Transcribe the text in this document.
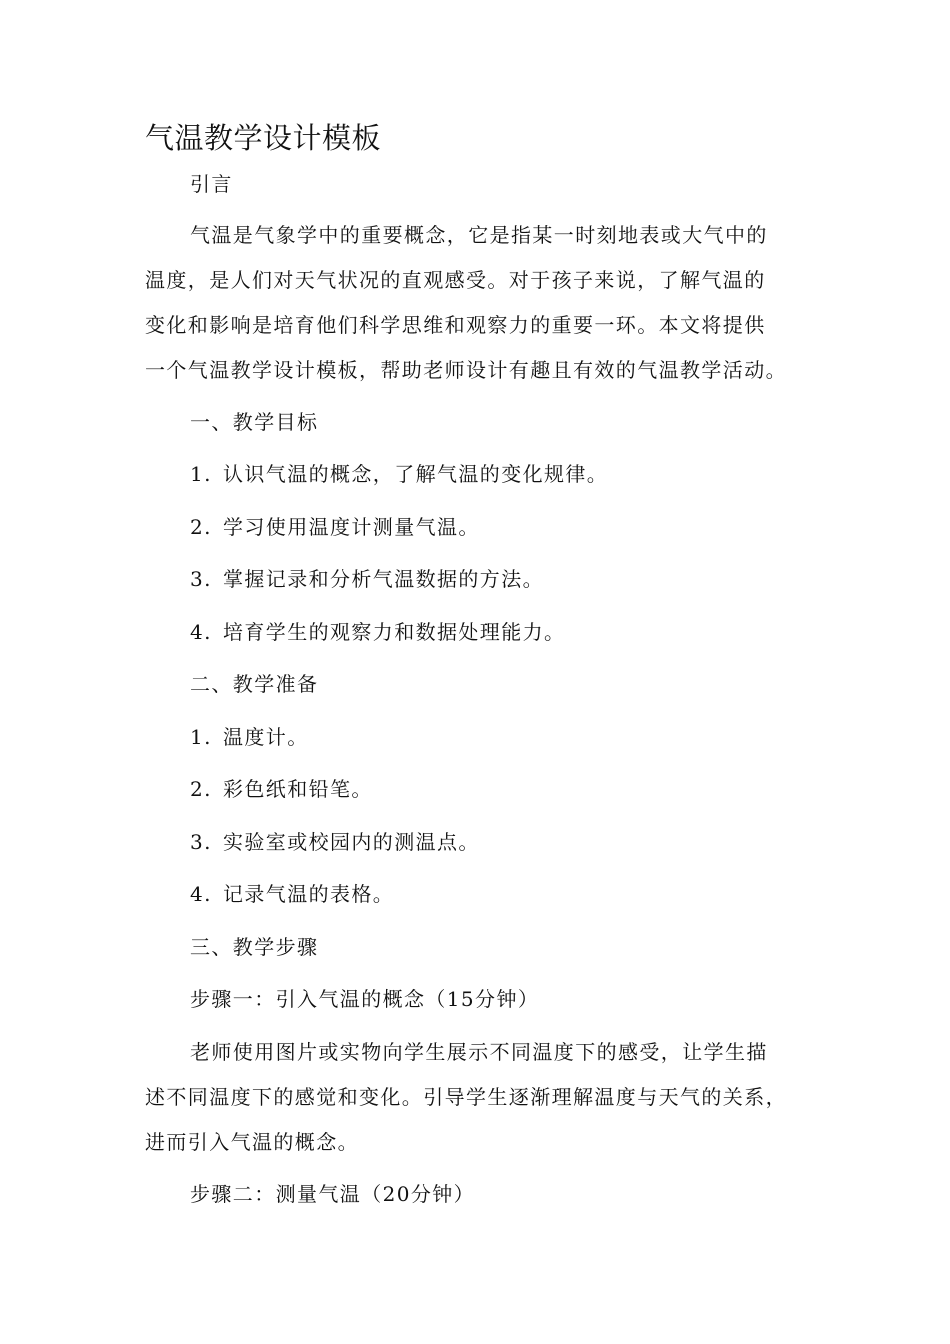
气温教学设计模板
引言
气温是气象学中的重要概念，它是指某一时刻地表或大气中的
温度，是人们对天气状况的直观感受。对于孩子来说，了解气温的
变化和影响是培育他们科学思维和观察力的重要一环。本文将提供
一个气温教学设计模板，帮助老师设计有趣且有效的气温教学活动。
一、教学目标
1. 认识气温的概念，了解气温的变化规律。
2. 学习使用温度计测量气温。
3. 掌握记录和分析气温数据的方法。
4. 培育学生的观察力和数据处理能力。
二、教学准备
1. 温度计。
2. 彩色纸和铅笔。
3. 实验室或校园内的测温点。
4. 记录气温的表格。
三、教学步骤
步骤一：引入气温的概念（15分钟）
老师使用图片或实物向学生展示不同温度下的感受，让学生描
述不同温度下的感觉和变化。引导学生逐渐理解温度与天气的关系，
进而引入气温的概念。
步骤二：测量气温（20分钟）
